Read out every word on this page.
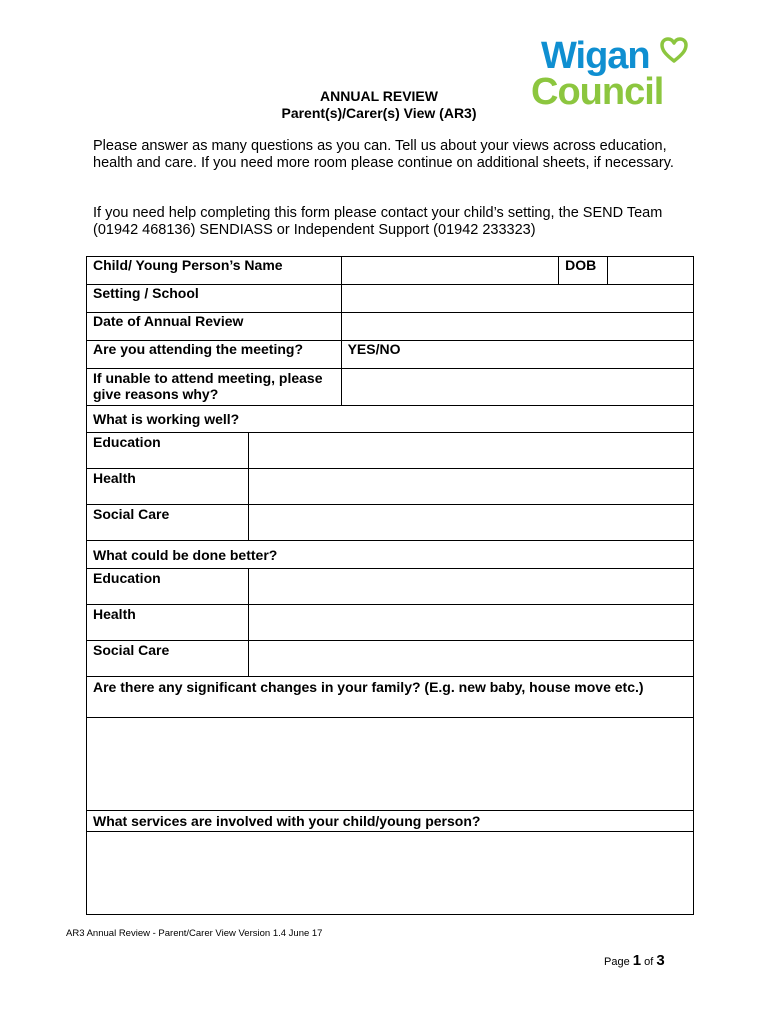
Wigan
Council
ANNUAL REVIEW
Parent(s)/Carer(s) View (AR3)
Please answer as many questions as you can. Tell us about your views across education, health and care. If you need more room please continue on additional sheets, if necessary.
If you need help completing this form please contact your child’s setting, the SEND Team (01942 468136) SENDIASS or Independent Support (01942 233323)
Child/ Young Person’s Name			DOB	
Setting / School				
Date of Annual Review				
Are you attending the meeting?		YES/NO		
If unable to attend meeting, please give reasons why?				
What is working well?				
Education				
Health				
Social Care				
What could be done better?				
Education				
Health				
Social Care				
Are there any significant changes in your family? (E.g. new baby, house move etc.)				

What services are involved with your child/young person?				

AR3 Annual Review - Parent/Carer View Version 1.4 June 17
Page 1 of 3
